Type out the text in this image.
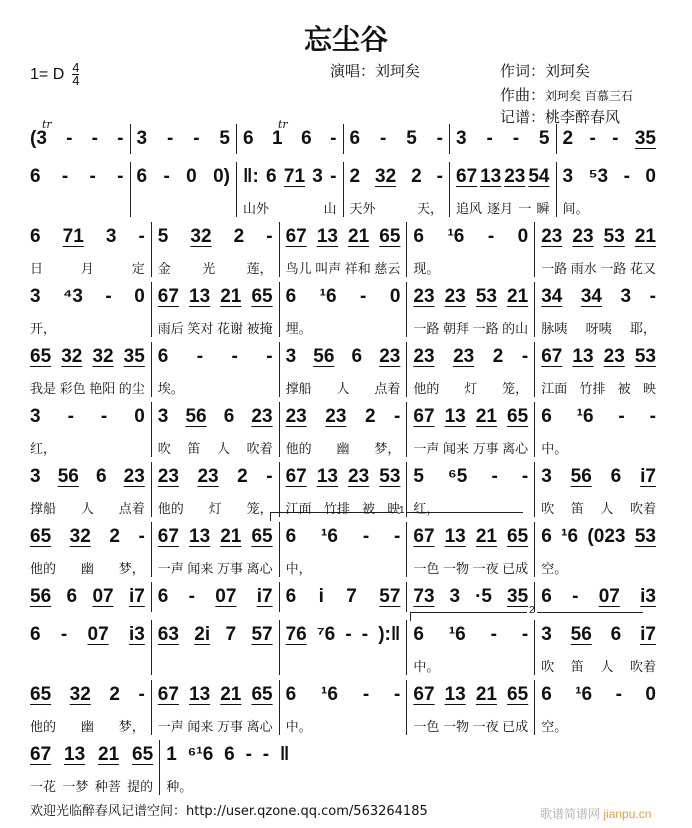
忘尘谷
1= D $\frac{4}{4}$	演唱：刘珂矣	作词：刘珂矣
作曲：刘珂矣 百慕三石
记谱：桃李醉春风
tr	tr
1
2
(3 - - - 3 - - 5 6 1 6 - 6 - 5 - 3 - - 5 2 - - 35
6 - - - 6 - 0 0) ‖: 6 71 3 -
山外	山
2 32 2 -
天外	天，
67 13 23 54
追风 逐月 一 瞬
3 ⁵3 - 0
间。
6 71 3 -
日	月	定
5 32 2 -
金 光 莲，
67 13 21 65
鸟儿 叫声 祥和 慈云
6 ¹6 - 0
现。
23 23 53 21
一路 雨水 一路 花又
3 ⁴3 - 0
开，
67 13 21 65
雨后 笑对 花谢 被掩
6 ¹6 - 0
埋。
23 23 53 21
一路 朝拜 一路 的山
34 34 3 -
脉咦 呀咦 耶，
65 32 32 35
我是 彩色 艳阳 的尘
6 - - -
埃。
3 56 6 23
撑船 人 点着
23 23 2 -
他的 灯 笼，
67 13 23 53
江面 竹排 被 映
3 - - 0
红，
3 56 6 23
吹 笛 人 吹着
23 23 2 -
他的 幽 梦，
67 13 21 65
一声 闻来 万事 离心
6 ¹6 - -
中。
3 56 6 23
撑船 人 点着
23 23 2 -
他的 灯 笼，
67 13 23 53
江面 竹排 被 映
5 ⁶5 - -
红，
3 56 6 i7
吹 笛 人 吹着
65 32 2 -
他的 幽 梦，
67 13 21 65
一声 闻来 万事 离心
6 ¹6 - -
中，
67 13 21 65
一色 一物 一夜 已成
6 ¹6 (023 53
空。
56 6 07 i7 6 - 07 i7 6 i 7 57 73 3 ·5 35 6 - 07 i3
6 - 07 i3 63 2i 7 57 76 ⁷6 - - ):‖ 6 ¹6 - -
中。
3 56 6 i7
吹 笛 人 吹着
65 32 2 -
他的 幽 梦，
67 13 21 65
一声 闻来 万事 离心
6 ¹6 - -
中。
67 13 21 65
一色 一物 一夜 已成
6 ¹6 - 0
空。
67 13 21 65
一花 一梦 种菩 提的
1 ⁶¹6 6 - - ‖
种。
欢迎光临醉春风记谱空间：http://user.qzone.qq.com/563264185	歌谱简谱网 jianpu.cn
